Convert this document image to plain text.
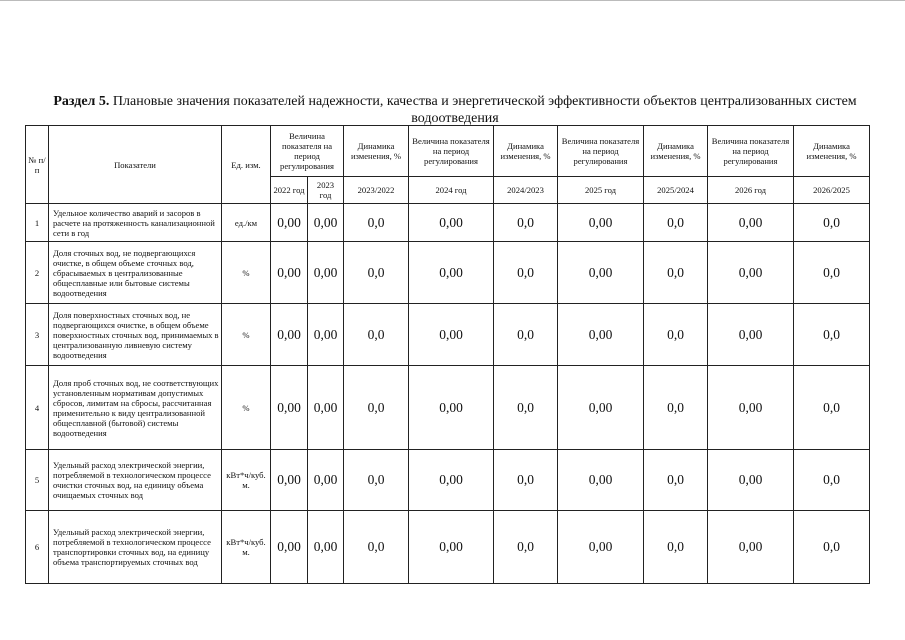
Раздел 5. Плановые значения показателей надежности, качества и энергетической эффективности объектов централизованных систем водоотведения
№ п/п	Показатели	Ед. изм.	Величина показателя на период регулирования		Динамика изменения, %	Величина показателя на период регулирования	Динамика изменения, %	Величина показателя на период регулирования	Динамика изменения, %	Величина показателя на период регулирования	Динамика изменения, %
			2022 год	2023 год	2023/2022	2024 год	2024/2023	2025 год	2025/2024	2026 год	2026/2025
1	Удельное количество аварий и засоров в расчете на протяженность канализационной сети в год	ед./км	0,00	0,00	0,0	0,00	0,0	0,00	0,0	0,00	0,0
2	Доля сточных вод, не подвергающихся очистке, в общем объеме сточных вод, сбрасываемых в централизованные общесплавные или бытовые системы водоотведения	%	0,00	0,00	0,0	0,00	0,0	0,00	0,0	0,00	0,0
3	Доля поверхностных сточных вод, не подвергающихся очистке, в общем объеме поверхностных сточных вод, принимаемых в централизованную ливневую систему водоотведения	%	0,00	0,00	0,0	0,00	0,0	0,00	0,0	0,00	0,0
4	Доля проб сточных вод, не соответствующих установленным нормативам допустимых сбросов, лимитам на сбросы, рассчитанная применительно к виду централизованной общесплавной (бытовой) системы водоотведения	%	0,00	0,00	0,0	0,00	0,0	0,00	0,0	0,00	0,0
5	Удельный расход электрической энергии, потребляемой в технологическом процессе очистки сточных вод, на единицу объема очищаемых сточных вод	кВт*ч/куб. м.	0,00	0,00	0,0	0,00	0,0	0,00	0,0	0,00	0,0
6	Удельный расход электрической энергии, потребляемой в технологическом процессе транспортировки сточных вод, на единицу объема транспортируемых сточных вод	кВт*ч/куб. м.	0,00	0,00	0,0	0,00	0,0	0,00	0,0	0,00	0,0
